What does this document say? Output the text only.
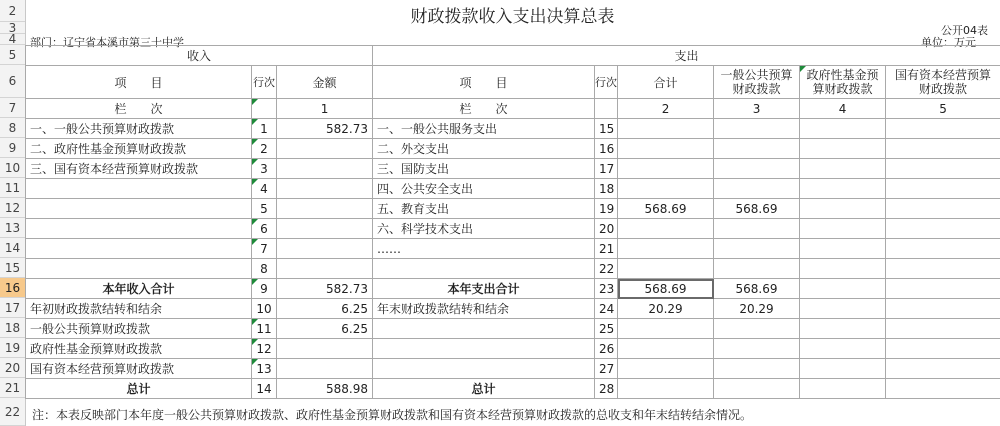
2
3
4
5
6
7
8
9
10
11
12
13
14
15
16
17
18
19
20
21
22
财政拨款收入支出决算总表
公开04表
部门：辽宁省本溪市第三十中学	单位：万元
收入			支出					
项　　目	行次	金额	项　　目	行次	合计	一般公共预算财政拨款	政府性基金预算财政拨款	国有资本经营预算财政拨款
栏　　次		1	栏　　次		2	3	4	5
一、一般公共预算财政拨款	1	582.73	一、一般公共服务支出	15				
二、政府性基金预算财政拨款	2		二、外交支出	16				
三、国有资本经营预算财政拨款	3		三、国防支出	17				
	4		四、公共安全支出	18				
	5		五、教育支出	19	568.69	568.69		
	6		六、科学技术支出	20				
	7		……	21				
	8			22				
本年收入合计	9	582.73	本年支出合计	23	568.69	568.69		
年初财政拨款结转和结余	10	6.25	年末财政拨款结转和结余	24	20.29	20.29		
一般公共预算财政拨款	11	6.25		25				
政府性基金预算财政拨款	12			26				
国有资本经营预算财政拨款	13			27				
总计	14	588.98	总计	28				
注：本表反映部门本年度一般公共预算财政拨款、政府性基金预算财政拨款和国有资本经营预算财政拨款的总收支和年末结转结余情况。
